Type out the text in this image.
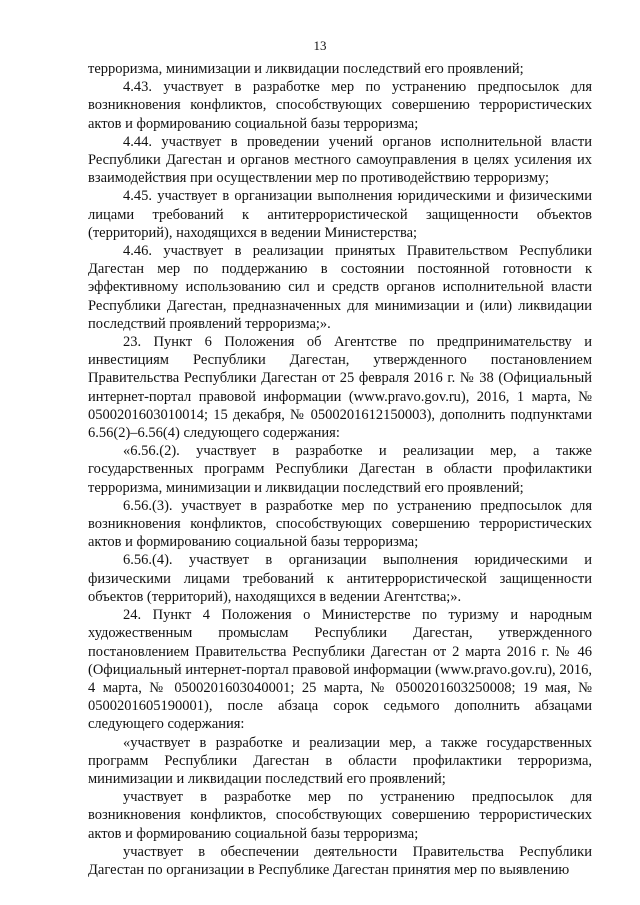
13

терроризма, минимизации и ликвидации последствий его проявлений;

4.43. участвует в разработке мер по устранению предпосылок для возникновения конфликтов, способствующих совершению террористических актов и формированию социальной базы терроризма;

4.44. участвует в проведении учений органов исполнительной власти Республики Дагестан и органов местного самоуправления в целях усиления их взаимодействия при осуществлении мер по противодействию терроризму;

4.45. участвует в организации выполнения юридическими и физическими лицами требований к антитеррористической защищенности объектов (территорий), находящихся в ведении Министерства;

4.46. участвует в реализации принятых Правительством Республики Дагестан мер по поддержанию в состоянии постоянной готовности к эффективному использованию сил и средств органов исполнительной власти Республики Дагестан, предназначенных для минимизации и (или) ликвидации последствий проявлений терроризма;».

23. Пункт 6 Положения об Агентстве по предпринимательству и инвестициям Республики Дагестан, утвержденного постановлением Правительства Республики Дагестан от 25 февраля 2016 г. № 38 (Официальный интернет-портал правовой информации (www.pravo.gov.ru), 2016, 1 марта, № 0500201603010014; 15 декабря, № 0500201612150003), дополнить подпунктами 6.56(2)–6.56(4) следующего содержания:

«6.56.(2). участвует в разработке и реализации мер, а также государственных программ Республики Дагестан в области профилактики терроризма, минимизации и ликвидации последствий его проявлений;

6.56.(3). участвует в разработке мер по устранению предпосылок для возникновения конфликтов, способствующих совершению террористических актов и формированию социальной базы терроризма;

6.56.(4). участвует в организации выполнения юридическими и физическими лицами требований к антитеррористической защищенности объектов (территорий), находящихся в ведении Агентства;».

24. Пункт 4 Положения о Министерстве по туризму и народным художественным промыслам Республики Дагестан, утвержденного постановлением Правительства Республики Дагестан от 2 марта 2016 г. № 46 (Официальный интернет-портал правовой информации (www.pravo.gov.ru), 2016, 4 марта, № 0500201603040001; 25 марта, № 0500201603250008; 19 мая, № 0500201605190001), после абзаца сорок седьмого дополнить абзацами следующего содержания:

«участвует в разработке и реализации мер, а также государственных программ Республики Дагестан в области профилактики терроризма, минимизации и ликвидации последствий его проявлений;

участвует в разработке мер по устранению предпосылок для возникновения конфликтов, способствующих совершению террористических актов и формированию социальной базы терроризма;

участвует в обеспечении деятельности Правительства Республики Дагестан по организации в Республике Дагестан принятия мер по выявлению
